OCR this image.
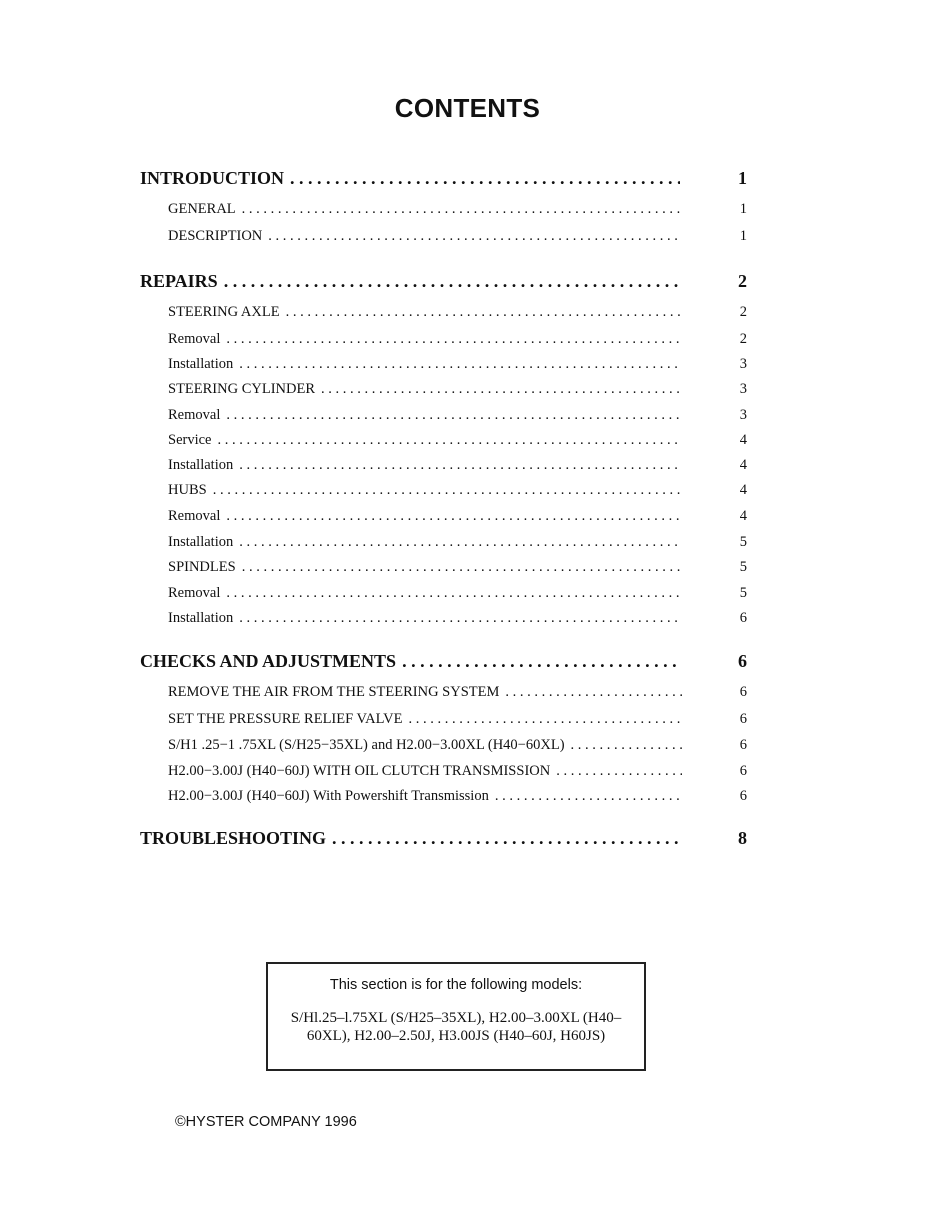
CONTENTS
INTRODUCTION . . .	1
GENERAL . . .	1
DESCRIPTION . . .	1
REPAIRS . . .	2
STEERING AXLE . . .	2
Removal . . .	2
Installation . . .	3
STEERING CYLINDER . . .	3
Removal . . .	3
Service . . .	4
Installation . . .	4
HUBS . . .	4
Removal . . .	4
Installation . . .	5
SPINDLES . . .	5
Removal . . .	5
Installation . . .	6
CHECKS AND ADJUSTMENTS . . .	6
REMOVE THE AIR FROM THE STEERING SYSTEM . . .	6
SET THE PRESSURE RELIEF VALVE . . .	6
S/H1 .25−1 .75XL (S/H25−35XL) and H2.00−3.00XL (H40−60XL) . . .	6
H2.00−3.00J (H40−60J) WITH OIL CLUTCH TRANSMISSION . . .	6
H2.00−3.00J (H40−60J) With Powershift Transmission . . .	6
TROUBLESHOOTING . . .	8
This section is for the following models:
S/Hl.25–l.75XL (S/H25–35XL), H2.00–3.00XL (H40–60XL), H2.00–2.50J, H3.00JS (H40–60J, H60JS)
©HYSTER COMPANY 1996
